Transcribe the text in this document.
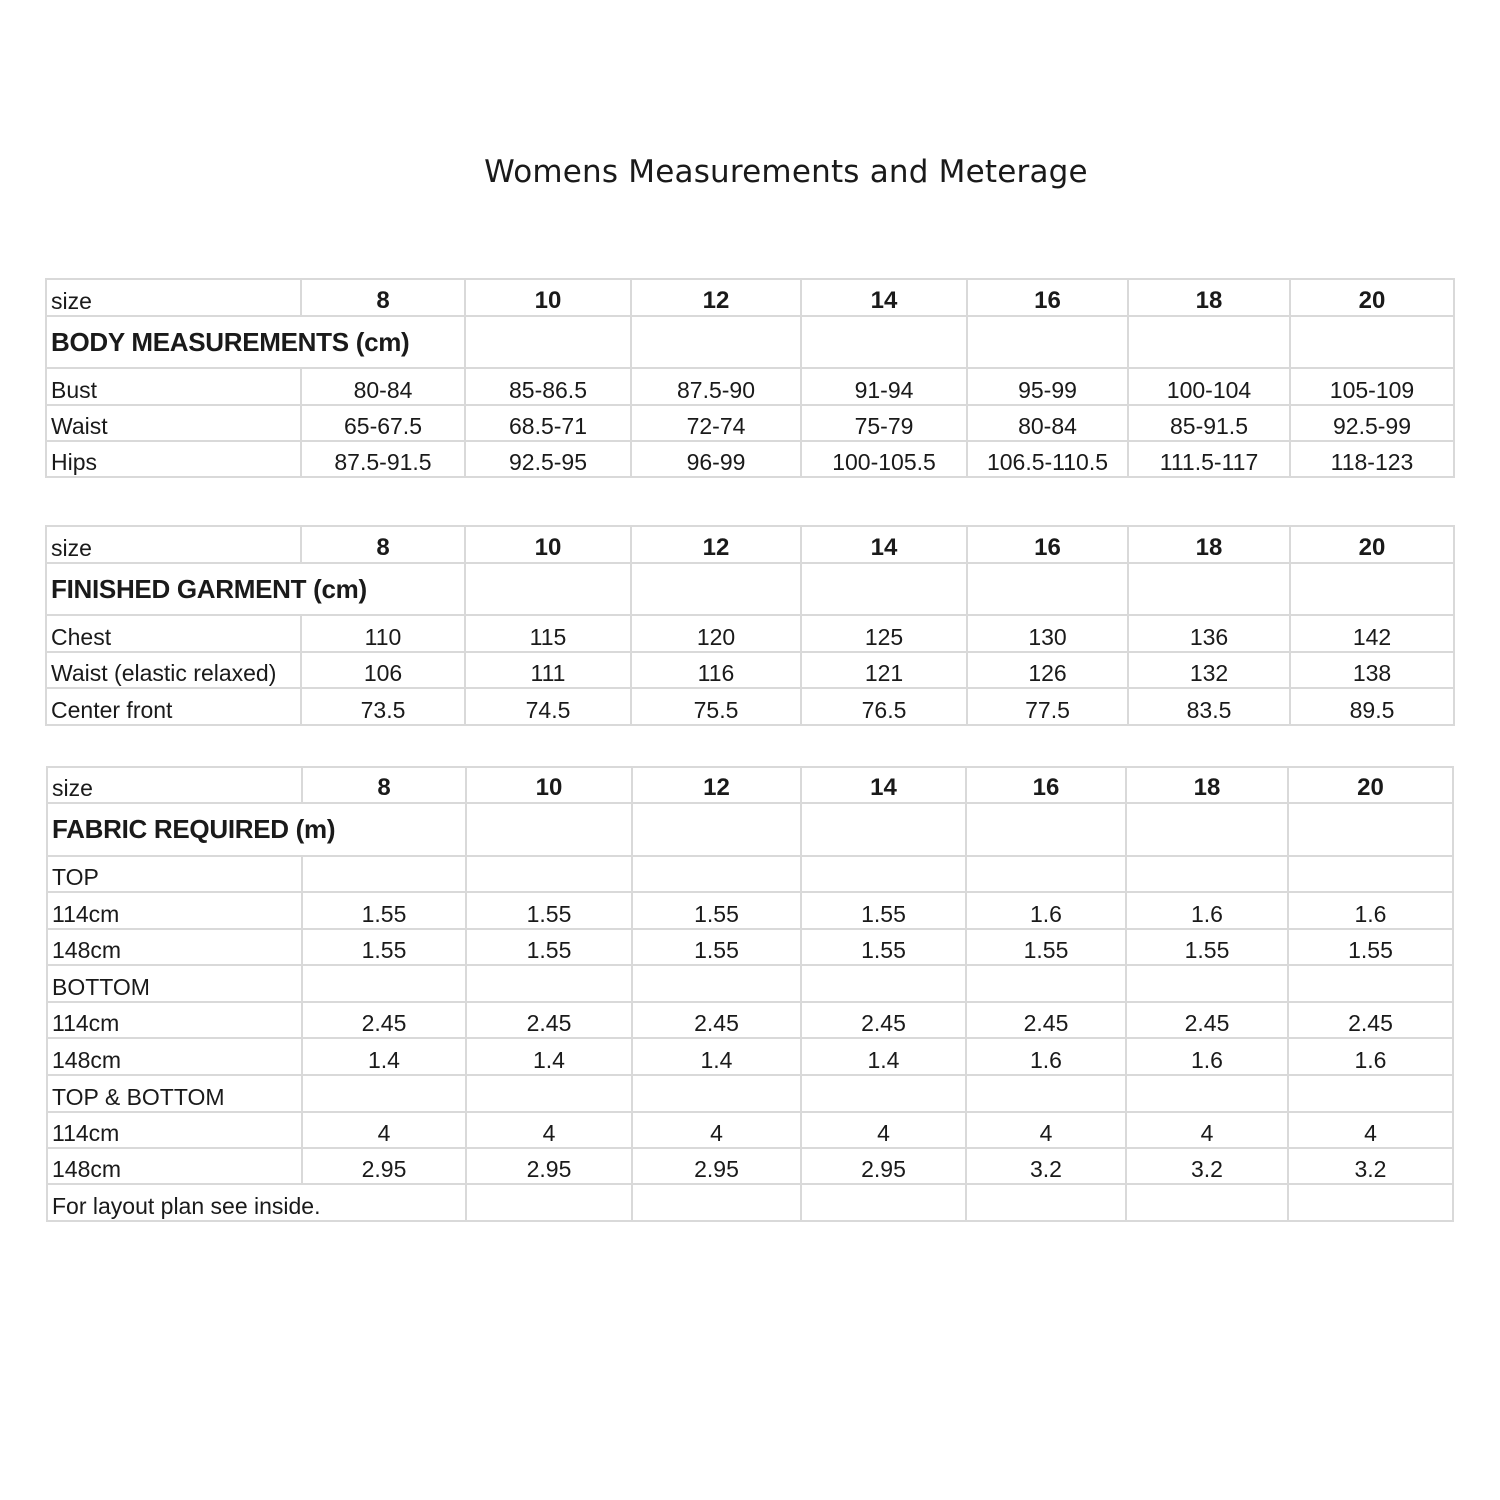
Womens Measurements and Meterage
size	8	10	12	14	16	18	20
BODY MEASUREMENTS (cm)							
Bust	80-84	85-86.5	87.5-90	91-94	95-99	100-104	105-109
Waist	65-67.5	68.5-71	72-74	75-79	80-84	85-91.5	92.5-99
Hips	87.5-91.5	92.5-95	96-99	100-105.5	106.5-110.5	111.5-117	118-123
size	8	10	12	14	16	18	20
FINISHED GARMENT (cm)							
Chest	110	115	120	125	130	136	142
Waist (elastic relaxed)	106	111	116	121	126	132	138
Center front	73.5	74.5	75.5	76.5	77.5	83.5	89.5
size	8	10	12	14	16	18	20
FABRIC REQUIRED (m)							
TOP							
114cm	1.55	1.55	1.55	1.55	1.6	1.6	1.6
148cm	1.55	1.55	1.55	1.55	1.55	1.55	1.55
BOTTOM							
114cm	2.45	2.45	2.45	2.45	2.45	2.45	2.45
148cm	1.4	1.4	1.4	1.4	1.6	1.6	1.6
TOP & BOTTOM							
114cm	4	4	4	4	4	4	4
148cm	2.95	2.95	2.95	2.95	3.2	3.2	3.2
For layout plan see inside.							
